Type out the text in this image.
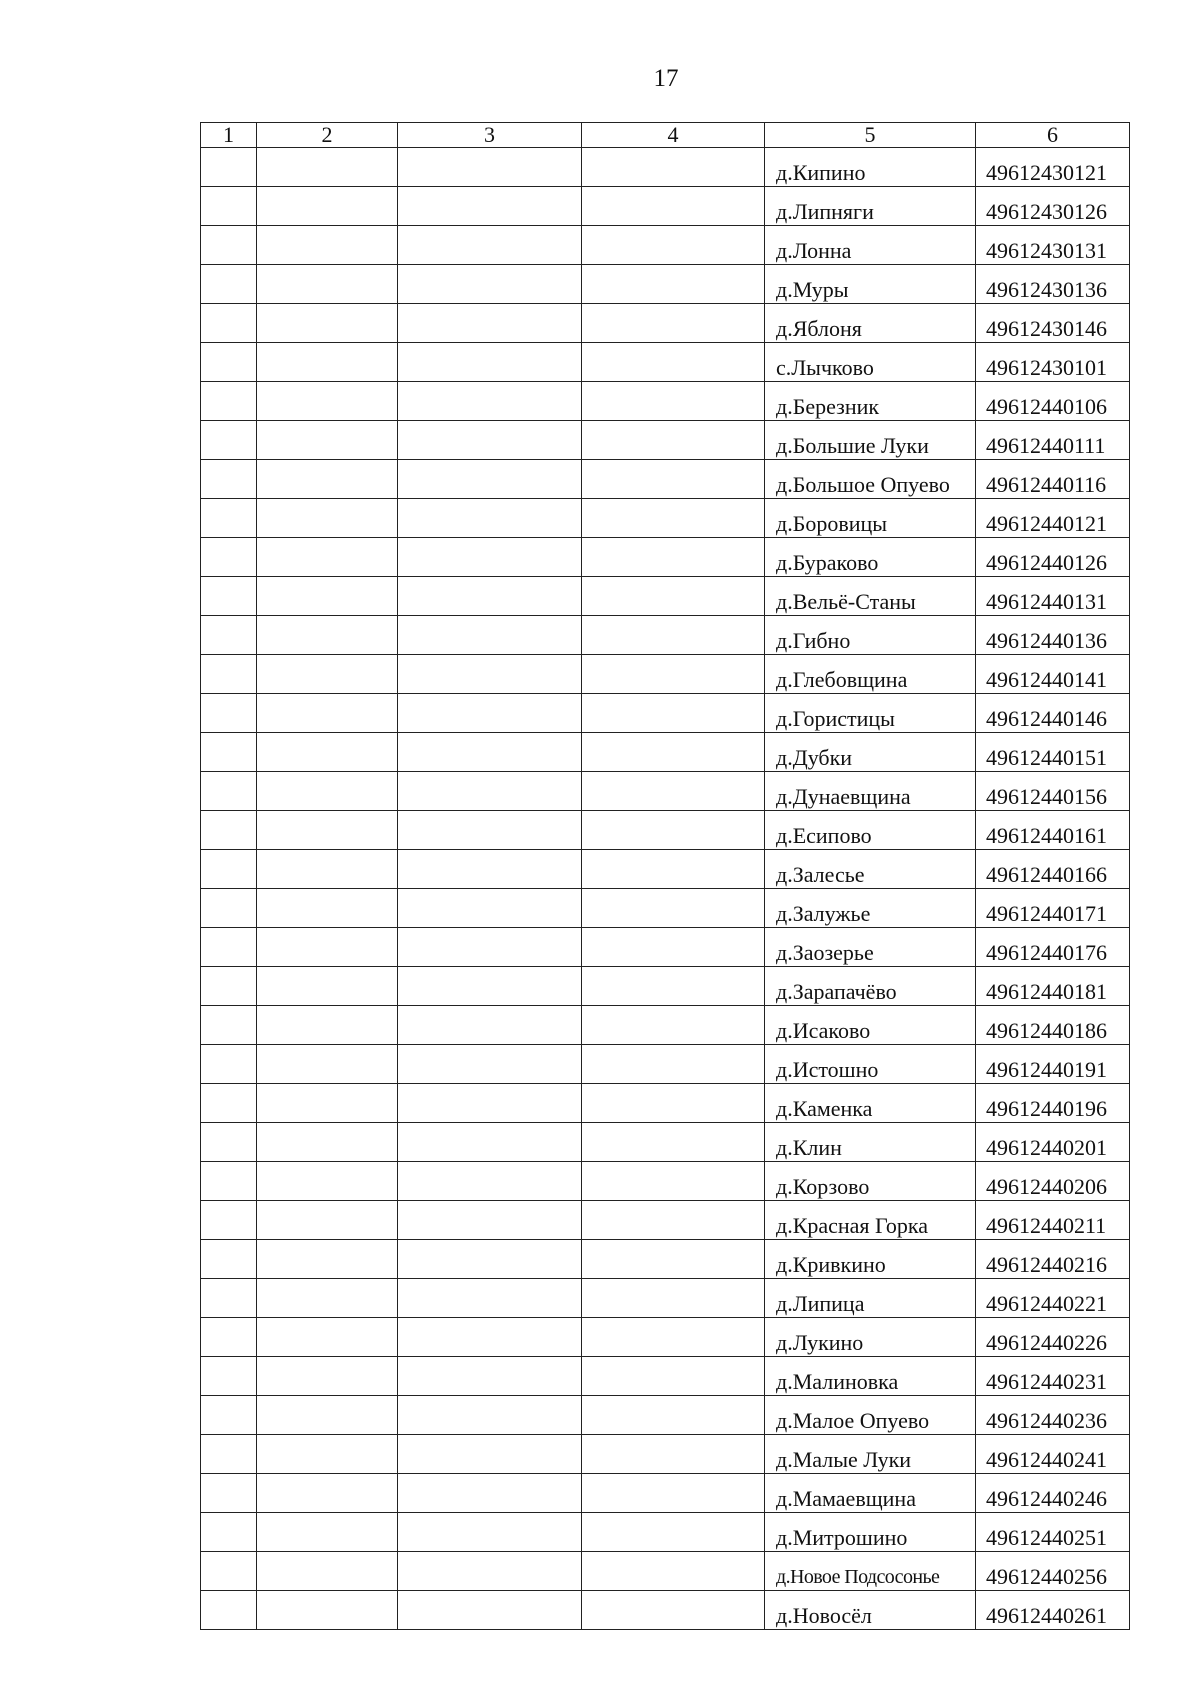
17
1	2	3	4	5	6
				д.Кипино	49612430121
				д.Липняги	49612430126
				д.Лонна	49612430131
				д.Муры	49612430136
				д.Яблоня	49612430146
				с.Лычково	49612430101
				д.Березник	49612440106
				д.Большие Луки	49612440111
				д.Большое Опуево	49612440116
				д.Боровицы	49612440121
				д.Бураково	49612440126
				д.Вельё-Станы	49612440131
				д.Гибно	49612440136
				д.Глебовщина	49612440141
				д.Гористицы	49612440146
				д.Дубки	49612440151
				д.Дунаевщина	49612440156
				д.Есипово	49612440161
				д.Залесье	49612440166
				д.Залужье	49612440171
				д.Заозерье	49612440176
				д.Зарапачёво	49612440181
				д.Исаково	49612440186
				д.Истошно	49612440191
				д.Каменка	49612440196
				д.Клин	49612440201
				д.Корзово	49612440206
				д.Красная Горка	49612440211
				д.Кривкино	49612440216
				д.Липица	49612440221
				д.Лукино	49612440226
				д.Малиновка	49612440231
				д.Малое Опуево	49612440236
				д.Малые Луки	49612440241
				д.Мамаевщина	49612440246
				д.Митрошино	49612440251
				д.Новое Подсосонье	49612440256
				д.Новосёл	49612440261
